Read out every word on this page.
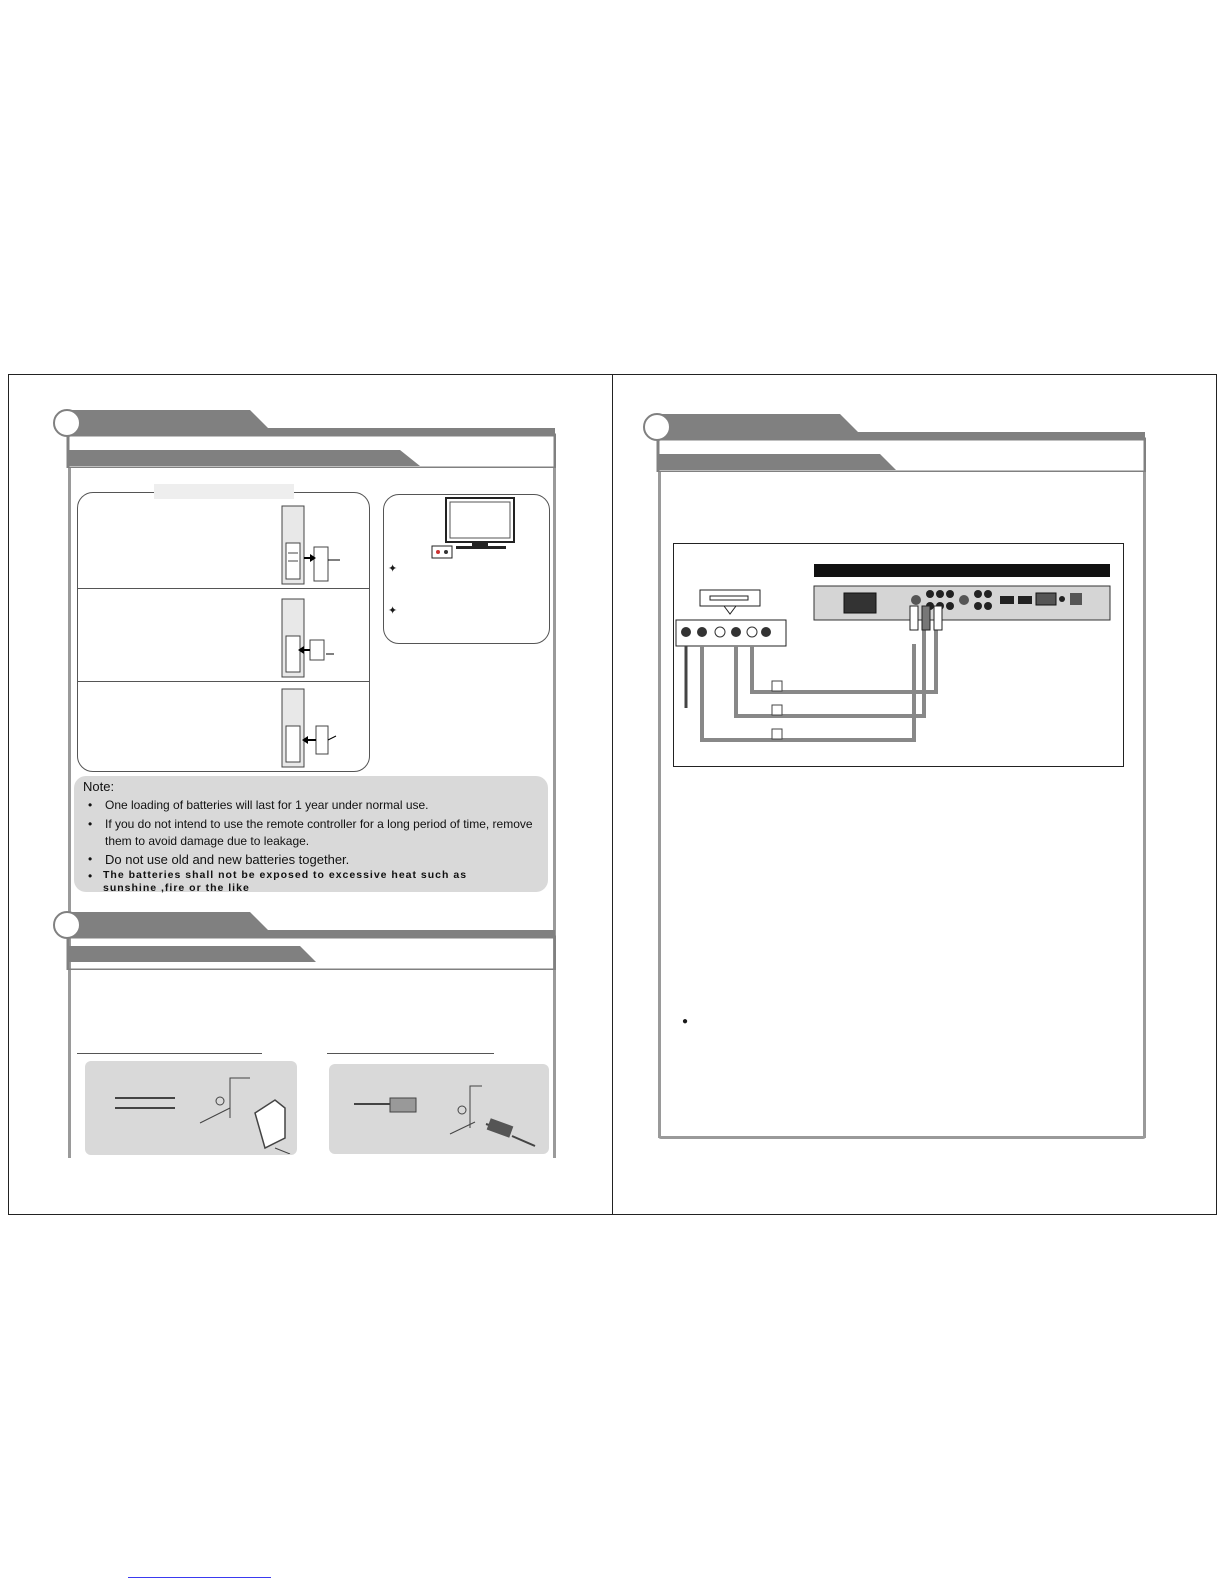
✦
✦
Note:
• One loading of batteries will last for 1 year under normal use.
• If you do not intend to use the remote controller for a long period of time, remove
them to avoid damage due to leakage.
• Do not use old and new batteries together.
• The batteries shall not be exposed to excessive heat such as
sunshine ,fire or the like
●
